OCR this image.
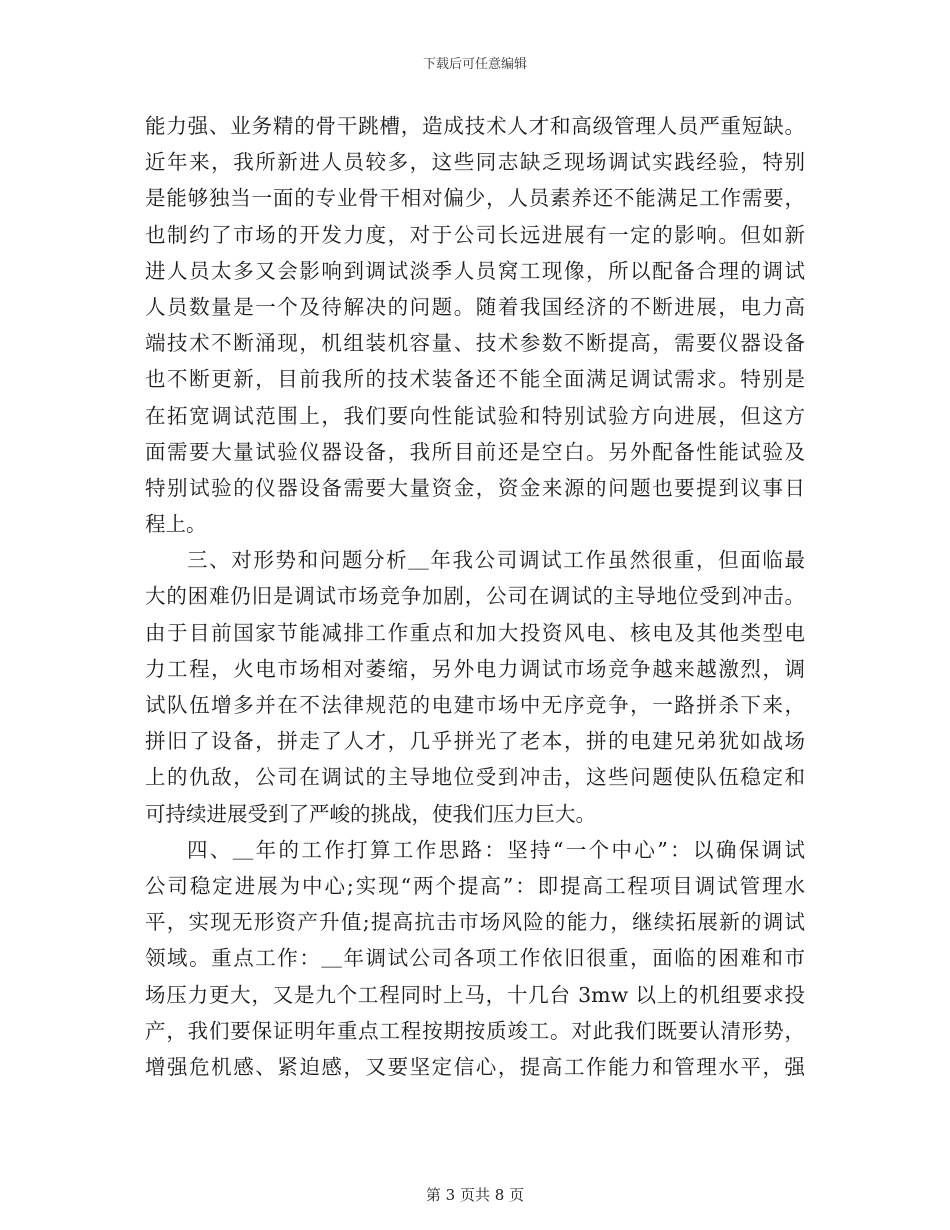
下载后可任意编辑
能力强、业务精的骨干跳槽，造成技术人才和高级管理人员严重短缺。
近年来，我所新进人员较多，这些同志缺乏现场调试实践经验，特别
是能够独当一面的专业骨干相对偏少，人员素养还不能满足工作需要，
也制约了市场的开发力度，对于公司长远进展有一定的影响。但如新
进人员太多又会影响到调试淡季人员窝工现像，所以配备合理的调试
人员数量是一个及待解决的问题。随着我国经济的不断进展，电力高
端技术不断涌现，机组装机容量、技术参数不断提高，需要仪器设备
也不断更新，目前我所的技术装备还不能全面满足调试需求。特别是
在拓宽调试范围上，我们要向性能试验和特别试验方向进展，但这方
面需要大量试验仪器设备，我所目前还是空白。另外配备性能试验及
特别试验的仪器设备需要大量资金，资金来源的问题也要提到议事日
程上。
三、对形势和问题分析＿年我公司调试工作虽然很重，但面临最
大的困难仍旧是调试市场竞争加剧，公司在调试的主导地位受到冲击。
由于目前国家节能减排工作重点和加大投资风电、核电及其他类型电
力工程，火电市场相对萎缩，另外电力调试市场竞争越来越激烈，调
试队伍增多并在不法律规范的电建市场中无序竞争，一路拼杀下来，
拼旧了设备，拼走了人才，几乎拼光了老本，拼的电建兄弟犹如战场
上的仇敌，公司在调试的主导地位受到冲击，这些问题使队伍稳定和
可持续进展受到了严峻的挑战，使我们压力巨大。
四、＿年的工作打算工作思路：坚持“一个中心”：以确保调试
公司稳定进展为中心;实现“两个提高”：即提高工程项目调试管理水
平，实现无形资产升值;提高抗击市场风险的能力，继续拓展新的调试
领域。重点工作：＿年调试公司各项工作依旧很重，面临的困难和市
场压力更大，又是九个工程同时上马，十几台 3mw 以上的机组要求投
产，我们要保证明年重点工程按期按质竣工。对此我们既要认清形势，
增强危机感、紧迫感，又要坚定信心，提高工作能力和管理水平，强
第 3 页共 8 页
